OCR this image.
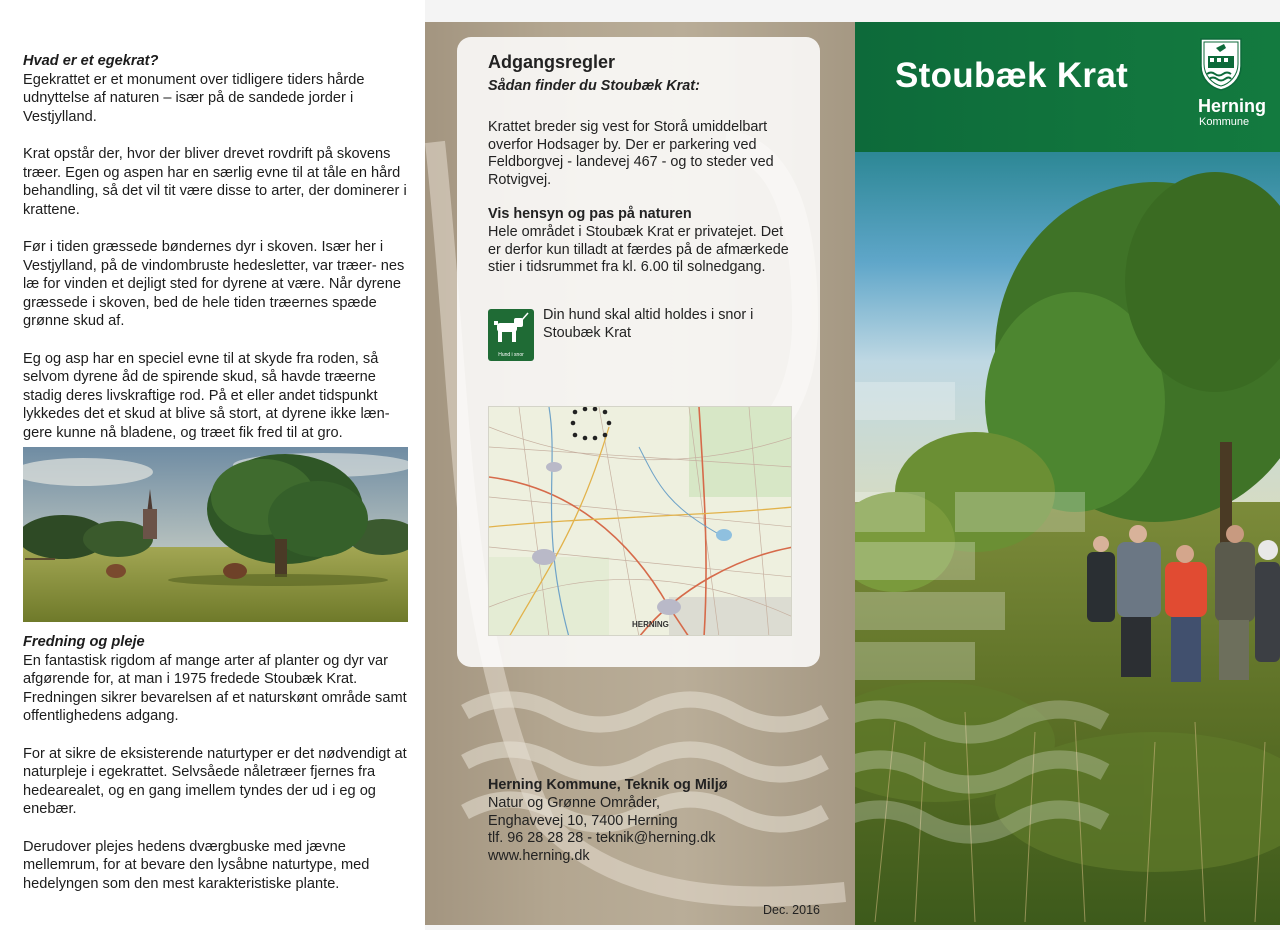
Hvad er et egekrat?

Egekrattet er et monument over tidligere tiders hårde udnyttelse af naturen – især på de sandede jorder i Vestjylland.

Krat opstår der, hvor der bliver drevet rovdrift på skovens træer. Egen og aspen har en særlig evne til at tåle en hård behandling, så det vil tit være disse to arter, der dominerer i krattene.

Før i tiden græssede bøndernes dyr i skoven. Især her i Vestjylland, på de vindombruste hedesletter, var træer- nes læ for vinden et dejligt sted for dyrene at være. Når dyrene græssede i skoven, bed de hele tiden træernes spæde grønne skud af.

Eg og asp har en speciel evne til at skyde fra roden, så selvom dyrene åd de spirende skud, så havde træerne stadig deres livskraftige rod. På et eller andet tidspunkt lykkedes det et skud at blive så stort, at dyrene ikke læn- gere kunne nå bladene, og træet fik fred til at gro.

Fredning og pleje

En fantastisk rigdom af mange arter af planter og dyr var afgørende for, at man i 1975 fredede Stoubæk Krat. Fredningen sikrer bevarelsen af et naturskønt område samt offentlighedens adgang.

For at sikre de eksisterende naturtyper er det nødvendigt at naturpleje i egekrattet. Selvsåede nåletræer fjernes fra hedearealet, og en gang imellem tyndes der ud i eg og enebær.

Derudover plejes hedens dværgbuske med jævne mellemrum, for at bevare den lysåbne naturtype, med hedelyngen som den mest karakteristiske plante.

Adgangsregler
Sådan finder du Stoubæk Krat:
Krattet breder sig vest for Storå umiddelbart overfor Hodsager by. Der er parkering ved Feldborgvej - landevej 467 - og to steder ved Rotvigvej.
Vis hensyn og pas på naturen
Hele området i Stoubæk Krat er privatejet. Det er derfor kun tilladt at færdes på de afmærkede stier i tidsrummet fra kl. 6.00 til solnedgang.
Hund i snor
Din hund skal altid holdes i snor i Stoubæk Krat
HERNING
Herning Kommune, Teknik og Miljø
Natur og Grønne Områder,
Enghavevej 10, 7400 Herning
tlf. 96 28 28 28 - teknik@herning.dk
www.herning.dk
Dec. 2016
Stoubæk Krat
Herning
Kommune
